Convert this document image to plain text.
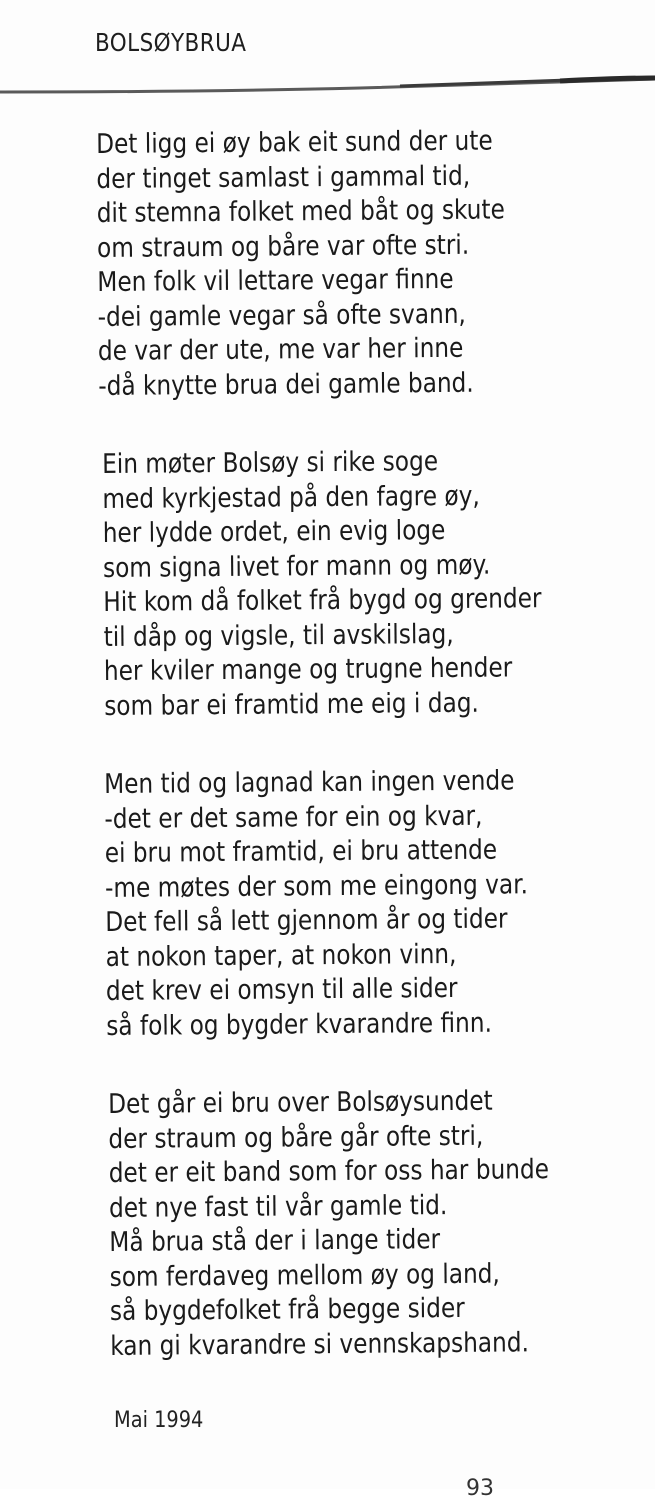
BOLSØYBRUA
Det ligg ei øy bak eit sund der ute
der tinget samlast i gammal tid,
dit stemna folket med båt og skute
om straum og båre var ofte stri.
Men folk vil lettare vegar finne
-dei gamle vegar så ofte svann,
de var der ute, me var her inne
-då knytte brua dei gamle band.
Ein møter Bolsøy si rike soge
med kyrkjestad på den fagre øy,
her lydde ordet, ein evig loge
som signa livet for mann og møy.
Hit kom då folket frå bygd og grender
til dåp og vigsle, til avskilslag,
her kviler mange og trugne hender
som bar ei framtid me eig i dag.
Men tid og lagnad kan ingen vende
-det er det same for ein og kvar,
ei bru mot framtid, ei bru attende
-me møtes der som me eingong var.
Det fell så lett gjennom år og tider
at nokon taper, at nokon vinn,
det krev ei omsyn til alle sider
så folk og bygder kvarandre finn.
Det går ei bru over Bolsøysundet
der straum og båre går ofte stri,
det er eit band som for oss har bunde
det nye fast til vår gamle tid.
Må brua stå der i lange tider
som ferdaveg mellom øy og land,
så bygdefolket frå begge sider
kan gi kvarandre si vennskapshand.
Mai 1994
93
